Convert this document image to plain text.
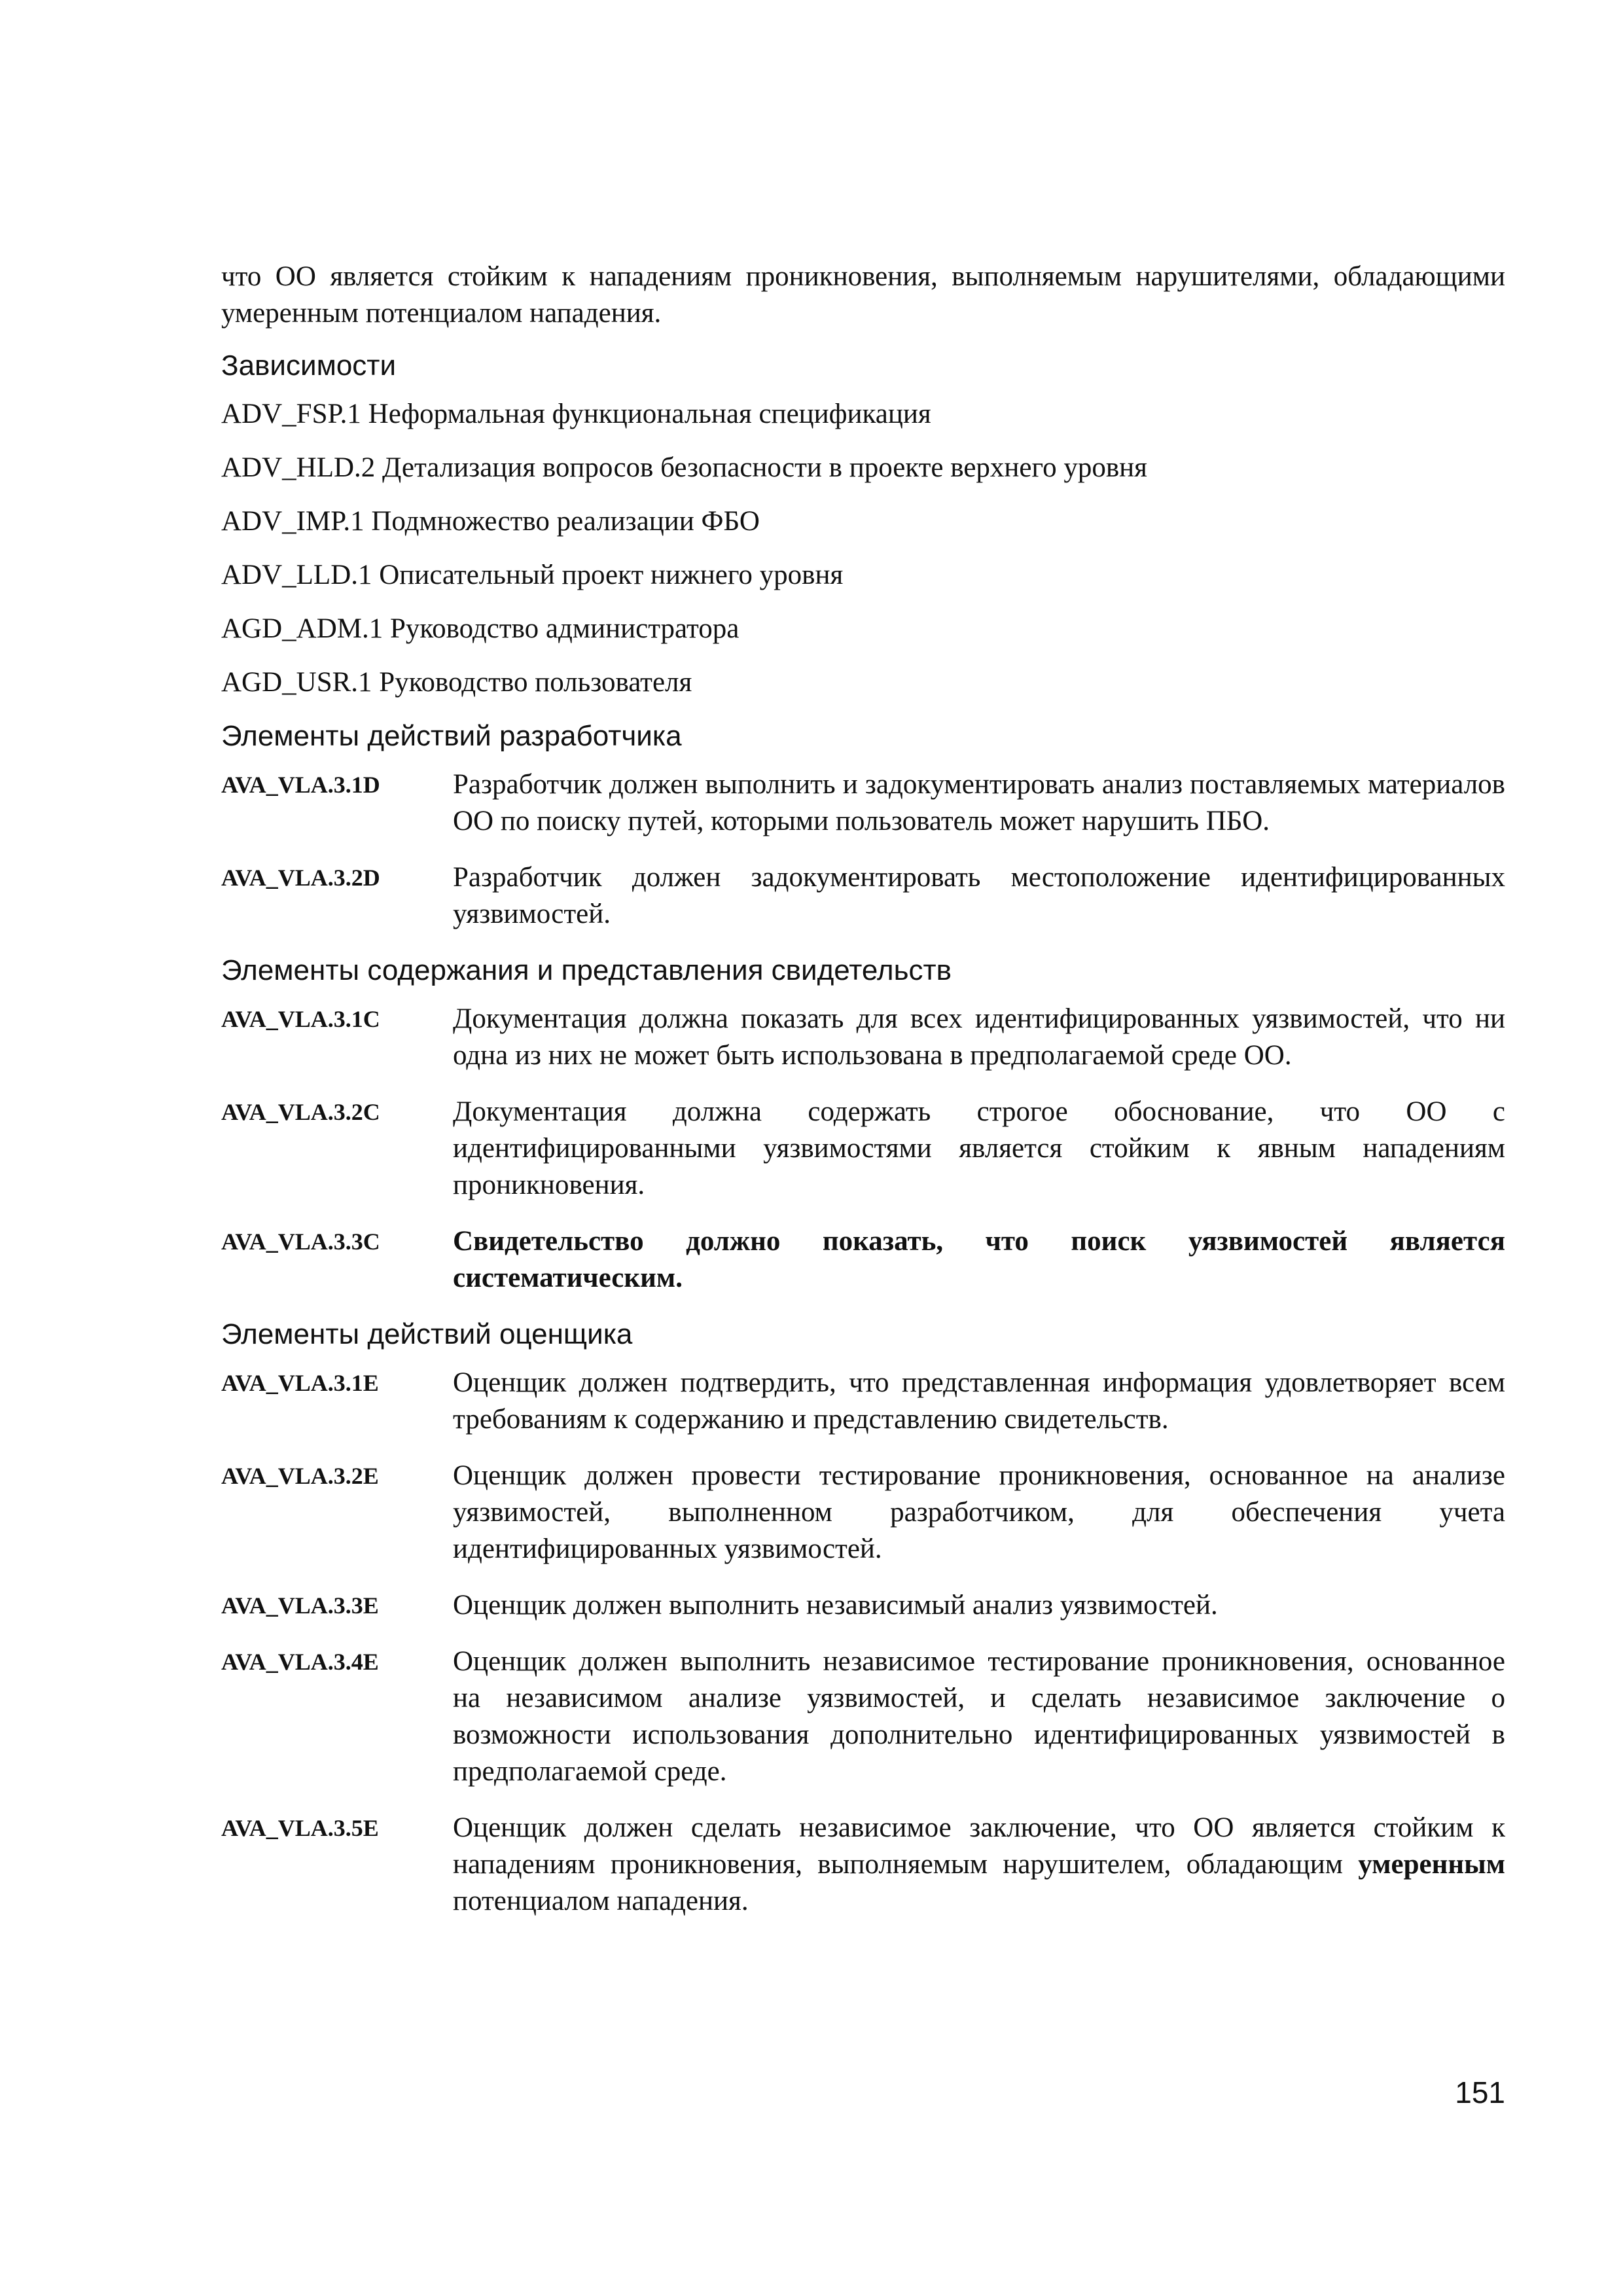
что ОО является стойким к нападениям проникновения, выполняемым нарушителями, обладающими умеренным потенциалом нападения.

Зависимости
ADV_FSP.1 Неформальная функциональная спецификация
ADV_HLD.2 Детализация вопросов безопасности в проекте верхнего уровня
ADV_IMP.1 Подмножество реализации ФБО
ADV_LLD.1 Описательный проект нижнего уровня
AGD_ADM.1 Руководство администратора
AGD_USR.1 Руководство пользователя
Элементы действий разработчика
AVA_VLA.3.1D	Разработчик должен выполнить и задокументировать анализ поставляемых материалов ОО по поиску путей, которыми пользователь может нарушить ПБО.
AVA_VLA.3.2D	Разработчик должен задокументировать местоположение идентифицированных уязвимостей.
Элементы содержания и представления свидетельств
AVA_VLA.3.1C	Документация должна показать для всех идентифицированных уязвимостей, что ни одна из них не может быть использована в предполагаемой среде ОО.
AVA_VLA.3.2C	Документация должна содержать строгое обоснование, что ОО с идентифицированными уязвимостями является стойким к явным нападениям проникновения.
AVA_VLA.3.3C	Свидетельство должно показать, что поиск уязвимостей является систематическим.
Элементы действий оценщика
AVA_VLA.3.1E	Оценщик должен подтвердить, что представленная информация удовлетворяет всем требованиям к содержанию и представлению свидетельств.
AVA_VLA.3.2E	Оценщик должен провести тестирование проникновения, основанное на анализе уязвимостей, выполненном разработчиком, для обеспечения учета идентифицированных уязвимостей.
AVA_VLA.3.3E	Оценщик должен выполнить независимый анализ уязвимостей.
AVA_VLA.3.4E	Оценщик должен выполнить независимое тестирование проникновения, основанное на независимом анализе уязвимостей, и сделать независимое заключение о возможности использования дополнительно идентифицированных уязвимостей в предполагаемой среде.
AVA_VLA.3.5E	Оценщик должен сделать независимое заключение, что ОО является стойким к нападениям проникновения, выполняемым нарушителем, обладающим умеренным потенциалом нападения.
151
